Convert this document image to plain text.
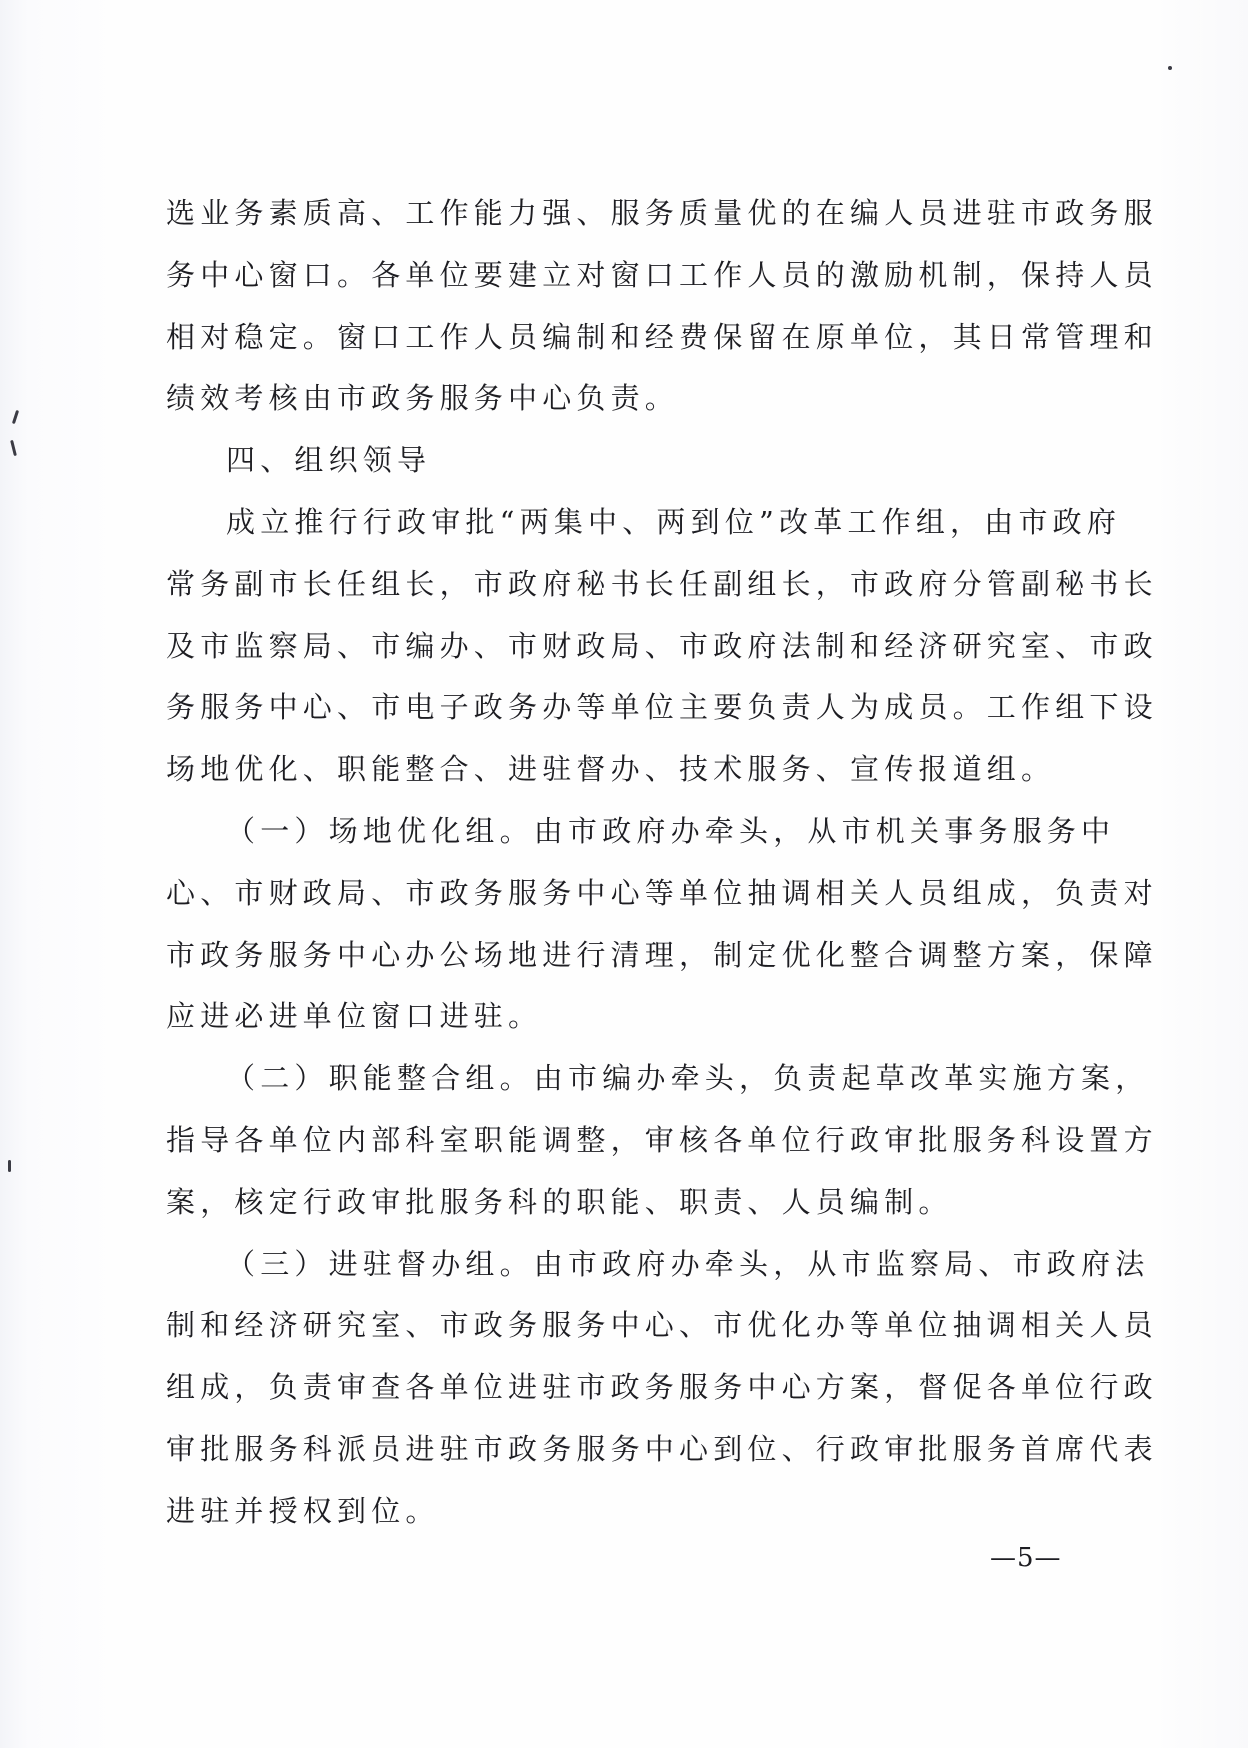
选业务素质高、工作能力强、服务质量优的在编人员进驻市政务服
务中心窗口。各单位要建立对窗口工作人员的激励机制，保持人员
相对稳定。窗口工作人员编制和经费保留在原单位，其日常管理和
绩效考核由市政务服务中心负责。
四、组织领导
成立推行行政审批“两集中、两到位”改革工作组，由市政府
常务副市长任组长，市政府秘书长任副组长，市政府分管副秘书长
及市监察局、市编办、市财政局、市政府法制和经济研究室、市政
务服务中心、市电子政务办等单位主要负责人为成员。工作组下设
场地优化、职能整合、进驻督办、技术服务、宣传报道组。
（一）场地优化组。由市政府办牵头，从市机关事务服务中
心、市财政局、市政务服务中心等单位抽调相关人员组成，负责对
市政务服务中心办公场地进行清理，制定优化整合调整方案，保障
应进必进单位窗口进驻。
（二）职能整合组。由市编办牵头，负责起草改革实施方案，
指导各单位内部科室职能调整，审核各单位行政审批服务科设置方
案，核定行政审批服务科的职能、职责、人员编制。
（三）进驻督办组。由市政府办牵头，从市监察局、市政府法
制和经济研究室、市政务服务中心、市优化办等单位抽调相关人员
组成，负责审查各单位进驻市政务服务中心方案，督促各单位行政
审批服务科派员进驻市政务服务中心到位、行政审批服务首席代表
进驻并授权到位。
—5—
